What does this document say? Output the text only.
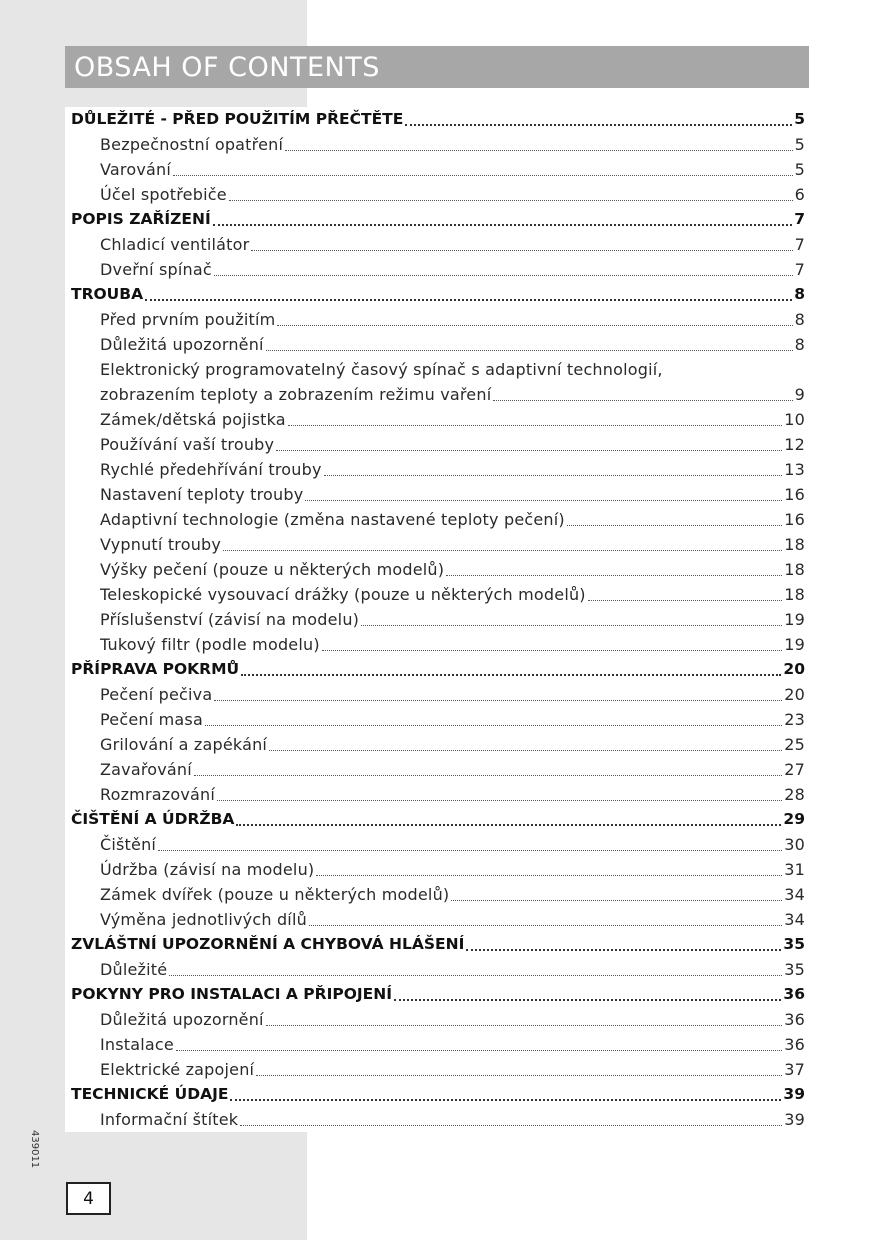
OBSAH OF CONTENTS
DŮLEŽITÉ - PŘED POUŽITÍM PŘEČTĚTE	5
Bezpečnostní opatření	5
Varování	5
Účel spotřebiče	6
POPIS ZAŘÍZENÍ	7
Chladicí ventilátor	7
Dveřní spínač	7
TROUBA	8
Před prvním použitím	8
Důležitá upozornění	8
Elektronický programovatelný časový spínač s adaptivní technologií,
zobrazením teploty a zobrazením režimu vaření	9
Zámek/dětská pojistka	10
Používání vaší trouby	12
Rychlé předehřívání trouby	13
Nastavení teploty trouby	16
Adaptivní technologie (změna nastavené teploty pečení)	16
Vypnutí trouby	18
Výšky pečení (pouze u některých modelů)	18
Teleskopické vysouvací drážky (pouze u některých modelů)	18
Příslušenství (závisí na modelu)	19
Tukový filtr (podle modelu)	19
PŘÍPRAVA POKRMŮ	20
Pečení pečiva	20
Pečení masa	23
Grilování a zapékání	25
Zavařování	27
Rozmrazování	28
ČIŠTĚNÍ A ÚDRŽBA	29
Čištění	30
Údržba (závisí na modelu)	31
Zámek dvířek (pouze u některých modelů)	34
Výměna jednotlivých dílů	34
ZVLÁŠTNÍ UPOZORNĚNÍ A CHYBOVÁ HLÁŠENÍ	35
Důležité	35
POKYNY PRO INSTALACI A PŘIPOJENÍ	36
Důležitá upozornění	36
Instalace	36
Elektrické zapojení	37
TECHNICKÉ ÚDAJE	39
Informační štítek	39
439011
4
